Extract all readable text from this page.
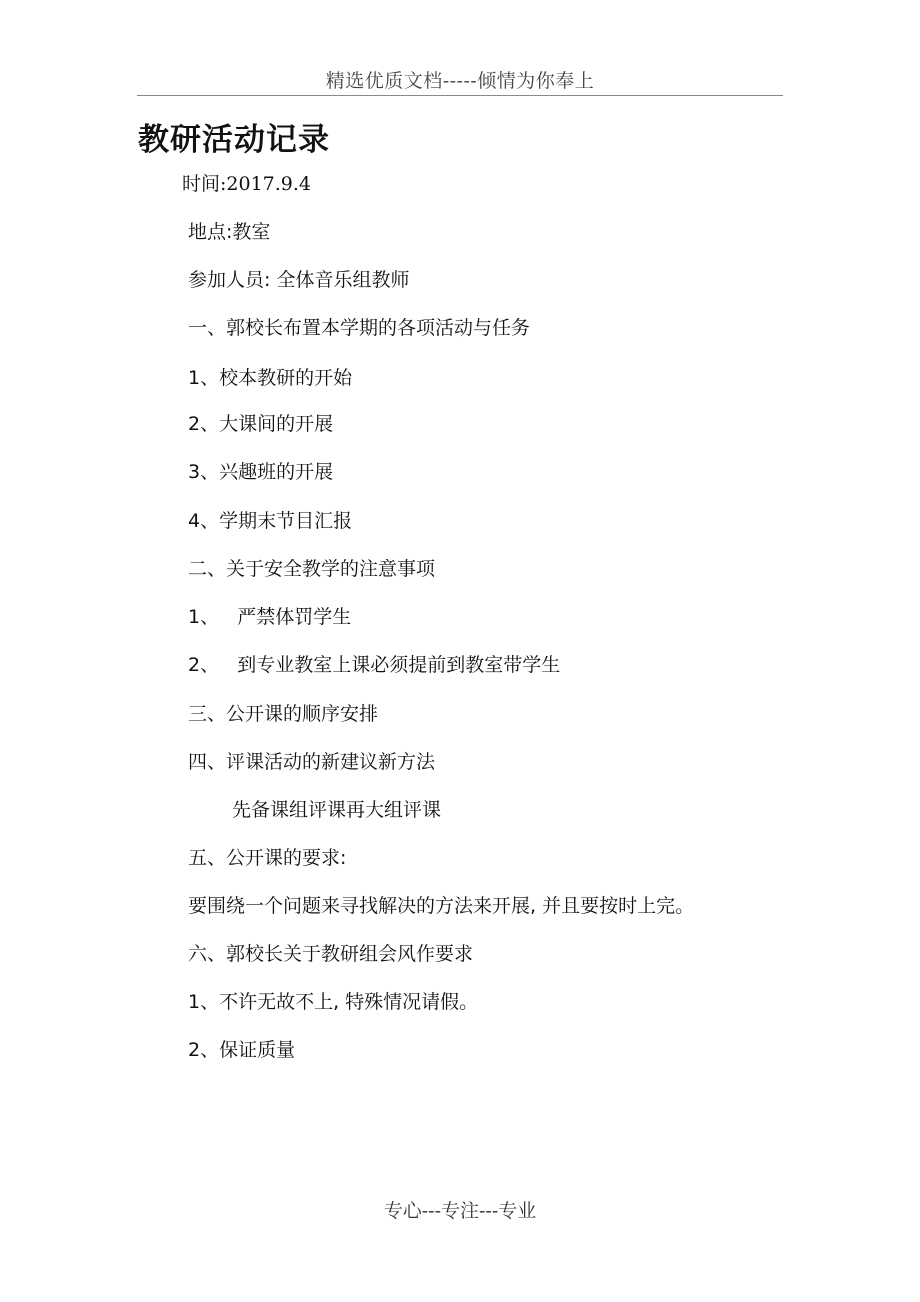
精选优质文档-----倾情为你奉上
教研活动记录
时间:2017.9.4
地点:教室
参加人员: 全体音乐组教师
一、郭校长布置本学期的各项活动与任务
1、校本教研的开始
2、大课间的开展
3、兴趣班的开展
4、学期末节目汇报
二、关于安全教学的注意事项
1、   严禁体罚学生
2、   到专业教室上课必须提前到教室带学生
三、公开课的顺序安排
四、评课活动的新建议新方法
先备课组评课再大组评课
五、公开课的要求:
要围绕一个问题来寻找解决的方法来开展, 并且要按时上完。
六、郭校长关于教研组会风作要求
1、不许无故不上, 特殊情况请假。
2、保证质量
专心---专注---专业
